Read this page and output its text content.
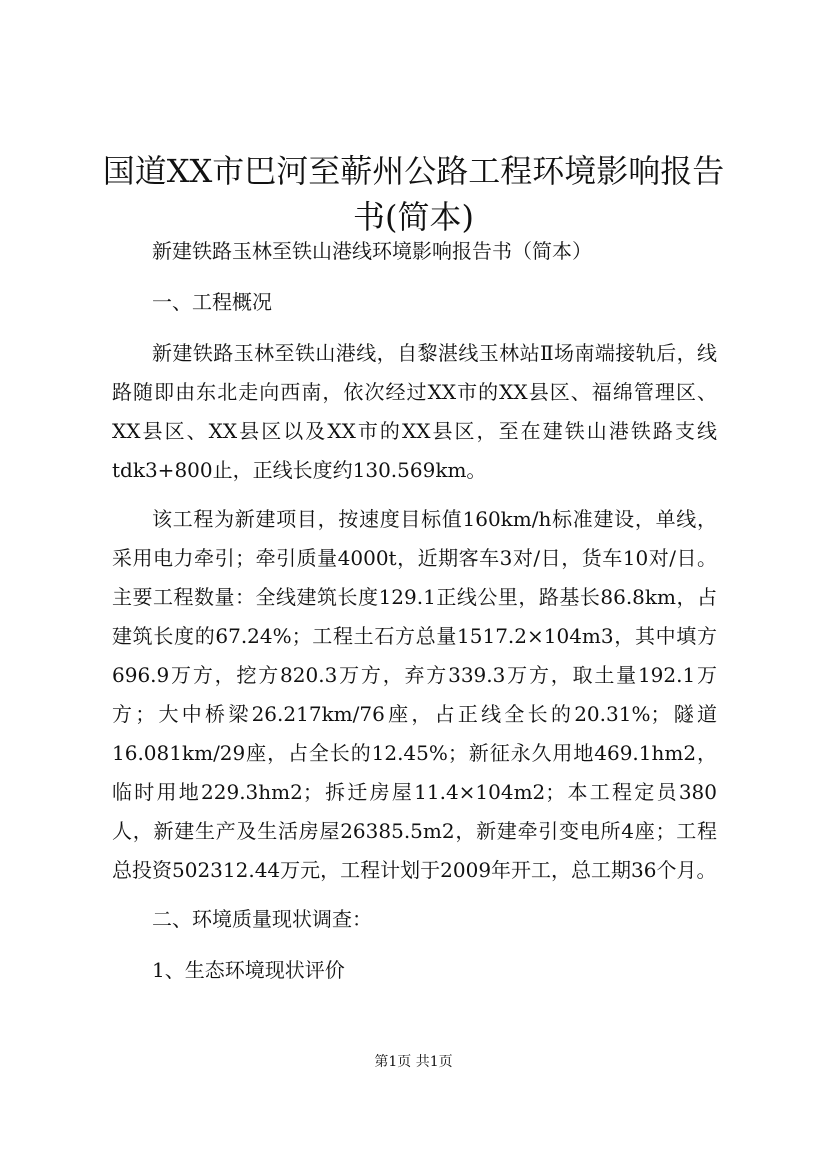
国道XX市巴河至蕲州公路工程环境影响报告
书(简本)

新建铁路玉林至铁山港线环境影响报告书（简本）

一、工程概况

新建铁路玉林至铁山港线，自黎湛线玉林站Ⅱ场南端接轨后，线路随即由东北走向西南，依次经过XX市的XX县区、福绵管理区、XX县区、XX县区以及XX市的XX县区，至在建铁山港铁路支线tdk3+800止，正线长度约130.569km。

该工程为新建项目，按速度目标值160km/h标准建设，单线，采用电力牵引；牵引质量4000t，近期客车3对/日，货车10对/日。主要工程数量：全线建筑长度129.1正线公里，路基长86.8km，占建筑长度的67.24%；工程土石方总量1517.2×104m3，其中填方696.9万方，挖方820.3万方，弃方339.3万方，取土量192.1万方；大中桥梁26.217km/76座，占正线全长的20.31%；隧道16.081km/29座，占全长的12.45%；新征永久用地469.1hm2，临时用地229.3hm2；拆迁房屋11.4×104m2；本工程定员380人，新建生产及生活房屋26385.5m2，新建牵引变电所4座；工程总投资502312.44万元，工程计划于2009年开工，总工期36个月。

二、环境质量现状调查：

1、生态环境现状评价

第1页 共1页
